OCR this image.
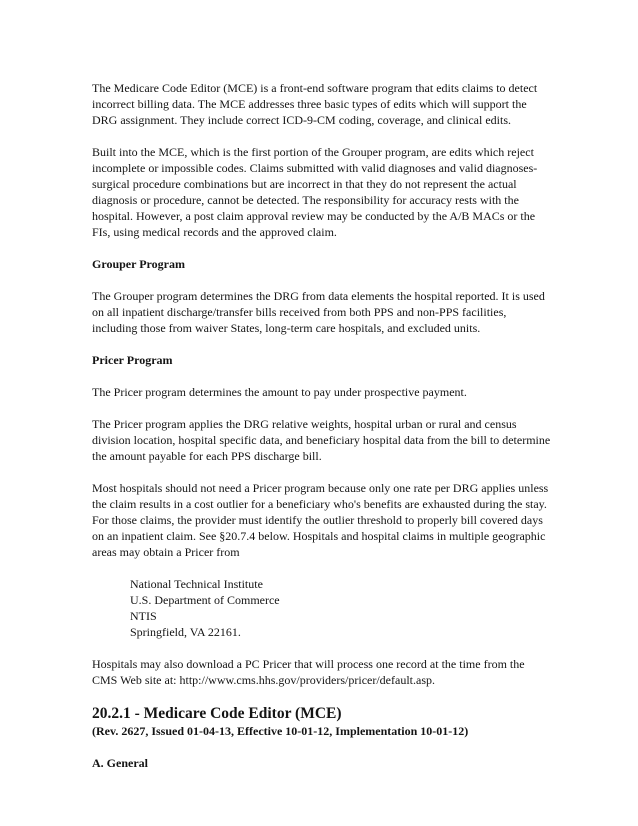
The Medicare Code Editor (MCE) is a front-end software program that edits claims to detect incorrect billing data. The MCE addresses three basic types of edits which will support the DRG assignment. They include correct ICD-9-CM coding, coverage, and clinical edits.

Built into the MCE, which is the first portion of the Grouper program, are edits which reject incomplete or impossible codes. Claims submitted with valid diagnoses and valid diagnoses-surgical procedure combinations but are incorrect in that they do not represent the actual diagnosis or procedure, cannot be detected. The responsibility for accuracy rests with the hospital. However, a post claim approval review may be conducted by the A/B MACs or the FIs, using medical records and the approved claim.

Grouper Program

The Grouper program determines the DRG from data elements the hospital reported. It is used on all inpatient discharge/transfer bills received from both PPS and non-PPS facilities, including those from waiver States, long-term care hospitals, and excluded units.

Pricer Program

The Pricer program determines the amount to pay under prospective payment.

The Pricer program applies the DRG relative weights, hospital urban or rural and census division location, hospital specific data, and beneficiary hospital data from the bill to determine the amount payable for each PPS discharge bill.

Most hospitals should not need a Pricer program because only one rate per DRG applies unless the claim results in a cost outlier for a beneficiary who's benefits are exhausted during the stay. For those claims, the provider must identify the outlier threshold to properly bill covered days on an inpatient claim. See §20.7.4 below. Hospitals and hospital claims in multiple geographic areas may obtain a Pricer from

National Technical Institute
U.S. Department of Commerce
NTIS
Springfield, VA 22161.

Hospitals may also download a PC Pricer that will process one record at the time from the CMS Web site at: http://www.cms.hhs.gov/providers/pricer/default.asp.

20.2.1 - Medicare Code Editor (MCE)

(Rev. 2627, Issued 01-04-13, Effective 10-01-12, Implementation 10-01-12)

A. General
